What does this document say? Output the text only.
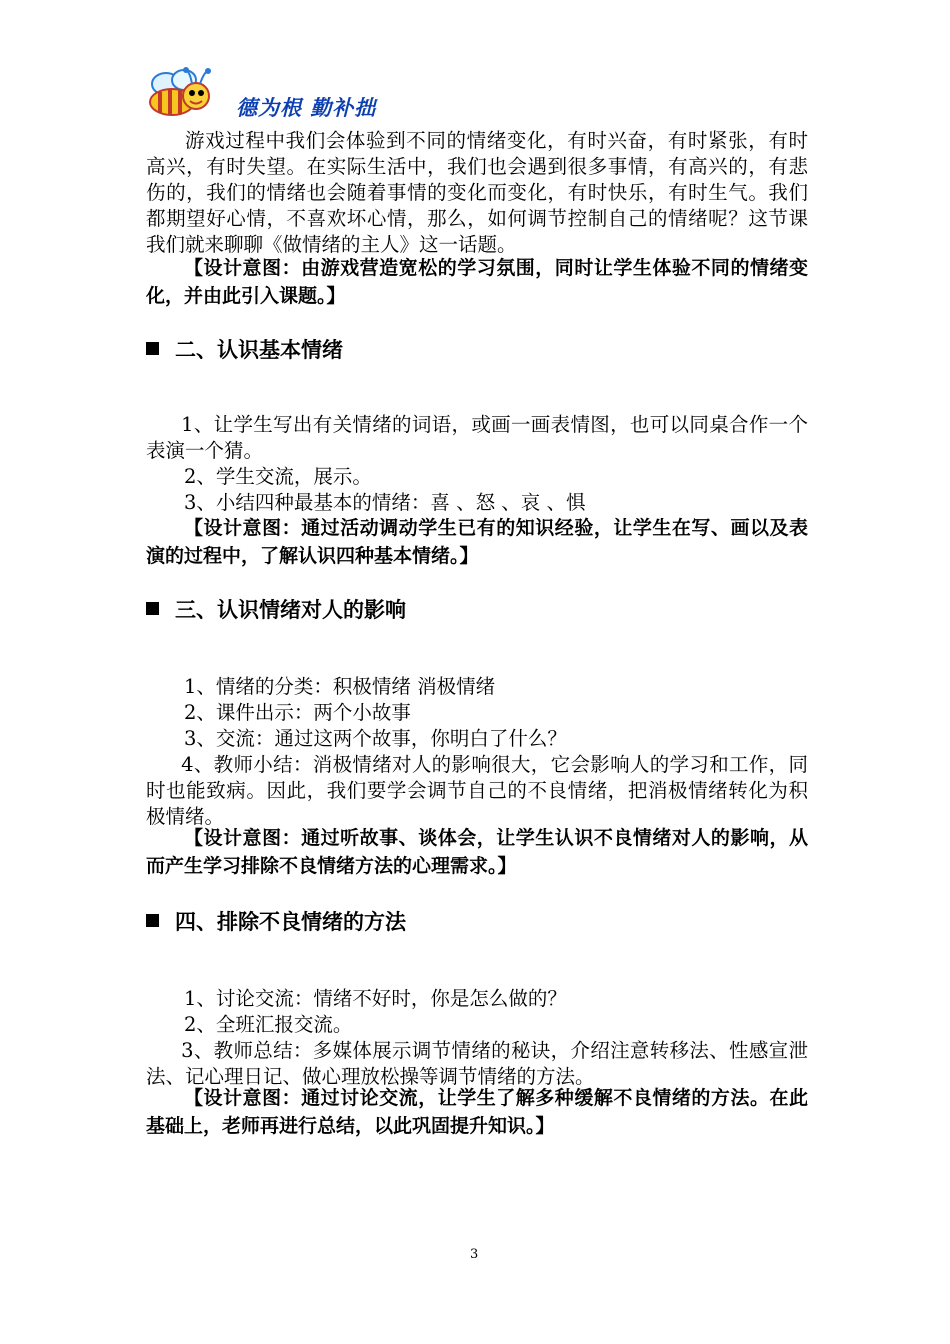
德为根 勤补拙

游戏过程中我们会体验到不同的情绪变化，有时兴奋，有时紧张，有时高兴，有时失望。在实际生活中，我们也会遇到很多事情，有高兴的，有悲伤的，我们的情绪也会随着事情的变化而变化，有时快乐，有时生气。我们都期望好心情，不喜欢坏心情，那么，如何调节控制自己的情绪呢？这节课我们就来聊聊《做情绪的主人》这一话题。

【设计意图：由游戏营造宽松的学习氛围，同时让学生体验不同的情绪变化，并由此引入课题。】

二、认识基本情绪

1、让学生写出有关情绪的词语，或画一画表情图，也可以同桌合作一个表演一个猜。

2、学生交流，展示。

3、小结四种最基本的情绪：喜 、怒 、哀 、惧

【设计意图：通过活动调动学生已有的知识经验，让学生在写、画以及表演的过程中，了解认识四种基本情绪。】

三、认识情绪对人的影响

1、情绪的分类：积极情绪 消极情绪

2、课件出示：两个小故事

3、交流：通过这两个故事，你明白了什么？

4、教师小结：消极情绪对人的影响很大，它会影响人的学习和工作，同时也能致病。因此，我们要学会调节自己的不良情绪，把消极情绪转化为积极情绪。

【设计意图：通过听故事、谈体会，让学生认识不良情绪对人的影响，从而产生学习排除不良情绪方法的心理需求。】

四、排除不良情绪的方法

1、讨论交流：情绪不好时，你是怎么做的？

2、全班汇报交流。

3、教师总结：多媒体展示调节情绪的秘诀，介绍注意转移法、性感宣泄法、记心理日记、做心理放松操等调节情绪的方法。

【设计意图：通过讨论交流，让学生了解多种缓解不良情绪的方法。在此基础上，老师再进行总结，以此巩固提升知识。】

3
